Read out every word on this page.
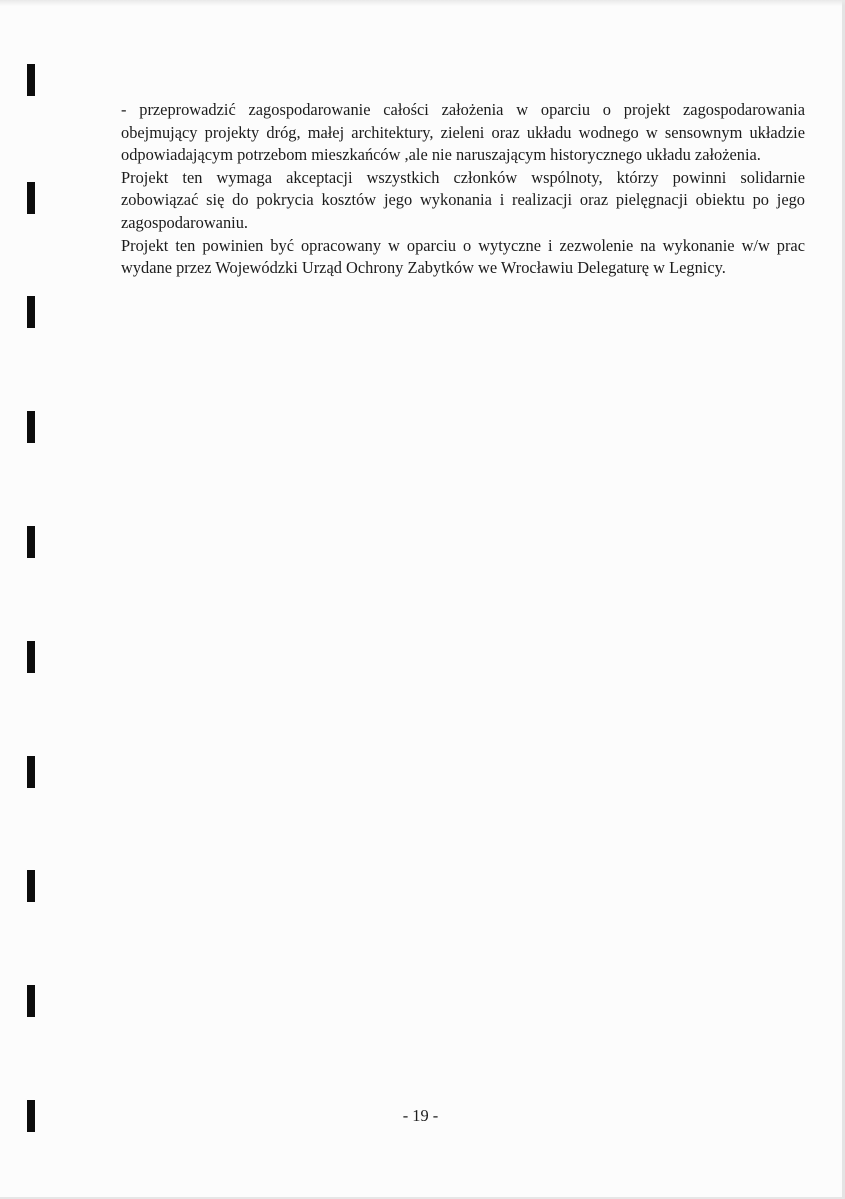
- przeprowadzić zagospodarowanie całości założenia w oparciu o projekt zagospodarowania
obejmujący projekty dróg, małej architektury, zieleni oraz układu wodnego w sensownym układzie
odpowiadającym potrzebom mieszkańców ,ale nie naruszającym historycznego układu założenia.
Projekt ten wymaga akceptacji wszystkich członków wspólnoty, którzy powinni solidarnie
zobowiązać się do pokrycia kosztów jego wykonania i realizacji oraz pielęgnacji obiektu po jego
zagospodarowaniu.
Projekt ten powinien być opracowany w oparciu o wytyczne i zezwolenie na wykonanie w/w prac
wydane przez Wojewódzki Urząd Ochrony Zabytków we Wrocławiu Delegaturę w Legnicy.
- 19 -
